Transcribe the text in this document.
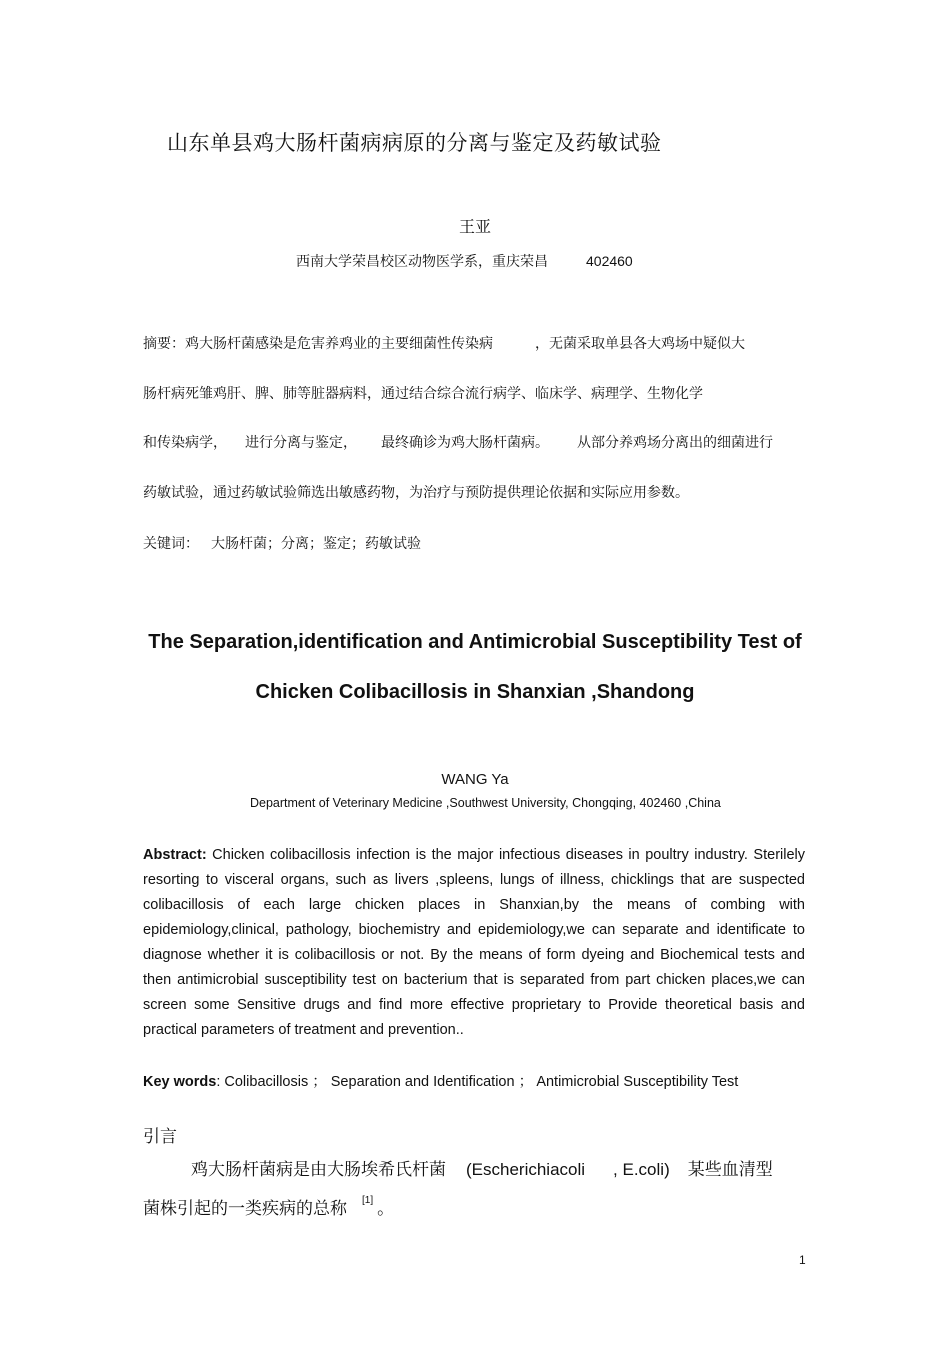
山东单县鸡大肠杆菌病病原的分离与鉴定及药敏试验
王亚
西南大学荣昌校区动物医学系，重庆荣昌	402460
摘要：鸡大肠杆菌感染是危害养鸡业的主要细菌性传染病	，无菌采取单县各大鸡场中疑似大
肠杆病死雏鸡肝、脾、肺等脏器病料，通过结合综合流行病学、临床学、病理学、生物化学
和传染病学， 进行分离与鉴定， 最终确诊为鸡大肠杆菌病。 从部分养鸡场分离出的细菌进行
药敏试验，通过药敏试验筛选出敏感药物，为治疗与预防提供理论依据和实际应用参数。
关键词： 大肠杆菌；分离；鉴定；药敏试验
The Separation,identification and Antimicrobial Susceptibility Test of
Chicken Colibacillosis in Shanxian ,Shandong
WANG Ya
Department of Veterinary Medicine ,Southwest University, Chongqing, 402460 ,China
Abstract: Chicken colibacillosis infection is the major infectious diseases in poultry industry. Sterilely resorting to visceral organs, such as livers ,spleens, lungs of illness, chicklings that are suspected colibacillosis of each large chicken places in Shanxian,by the means of combing with epidemiology,clinical, pathology, biochemistry and epidemiology,we can separate and identificate to diagnose whether it is colibacillosis or not. By the means of form dyeing and Biochemical tests and then antimicrobial susceptibility test on bacterium that is separated from part chicken places,we can screen some Sensitive drugs and find more effective proprietary to Provide theoretical basis and practical parameters of treatment and prevention..
Key words: Colibacillosis ； Separation and Identification ； Antimicrobial Susceptibility Test
引言
鸡大肠杆菌病是由大肠埃希氏杆菌 (Escherichiacoli , E.coli) 某些血清型
菌株引起的一类疾病的总称 [1] 。
1
